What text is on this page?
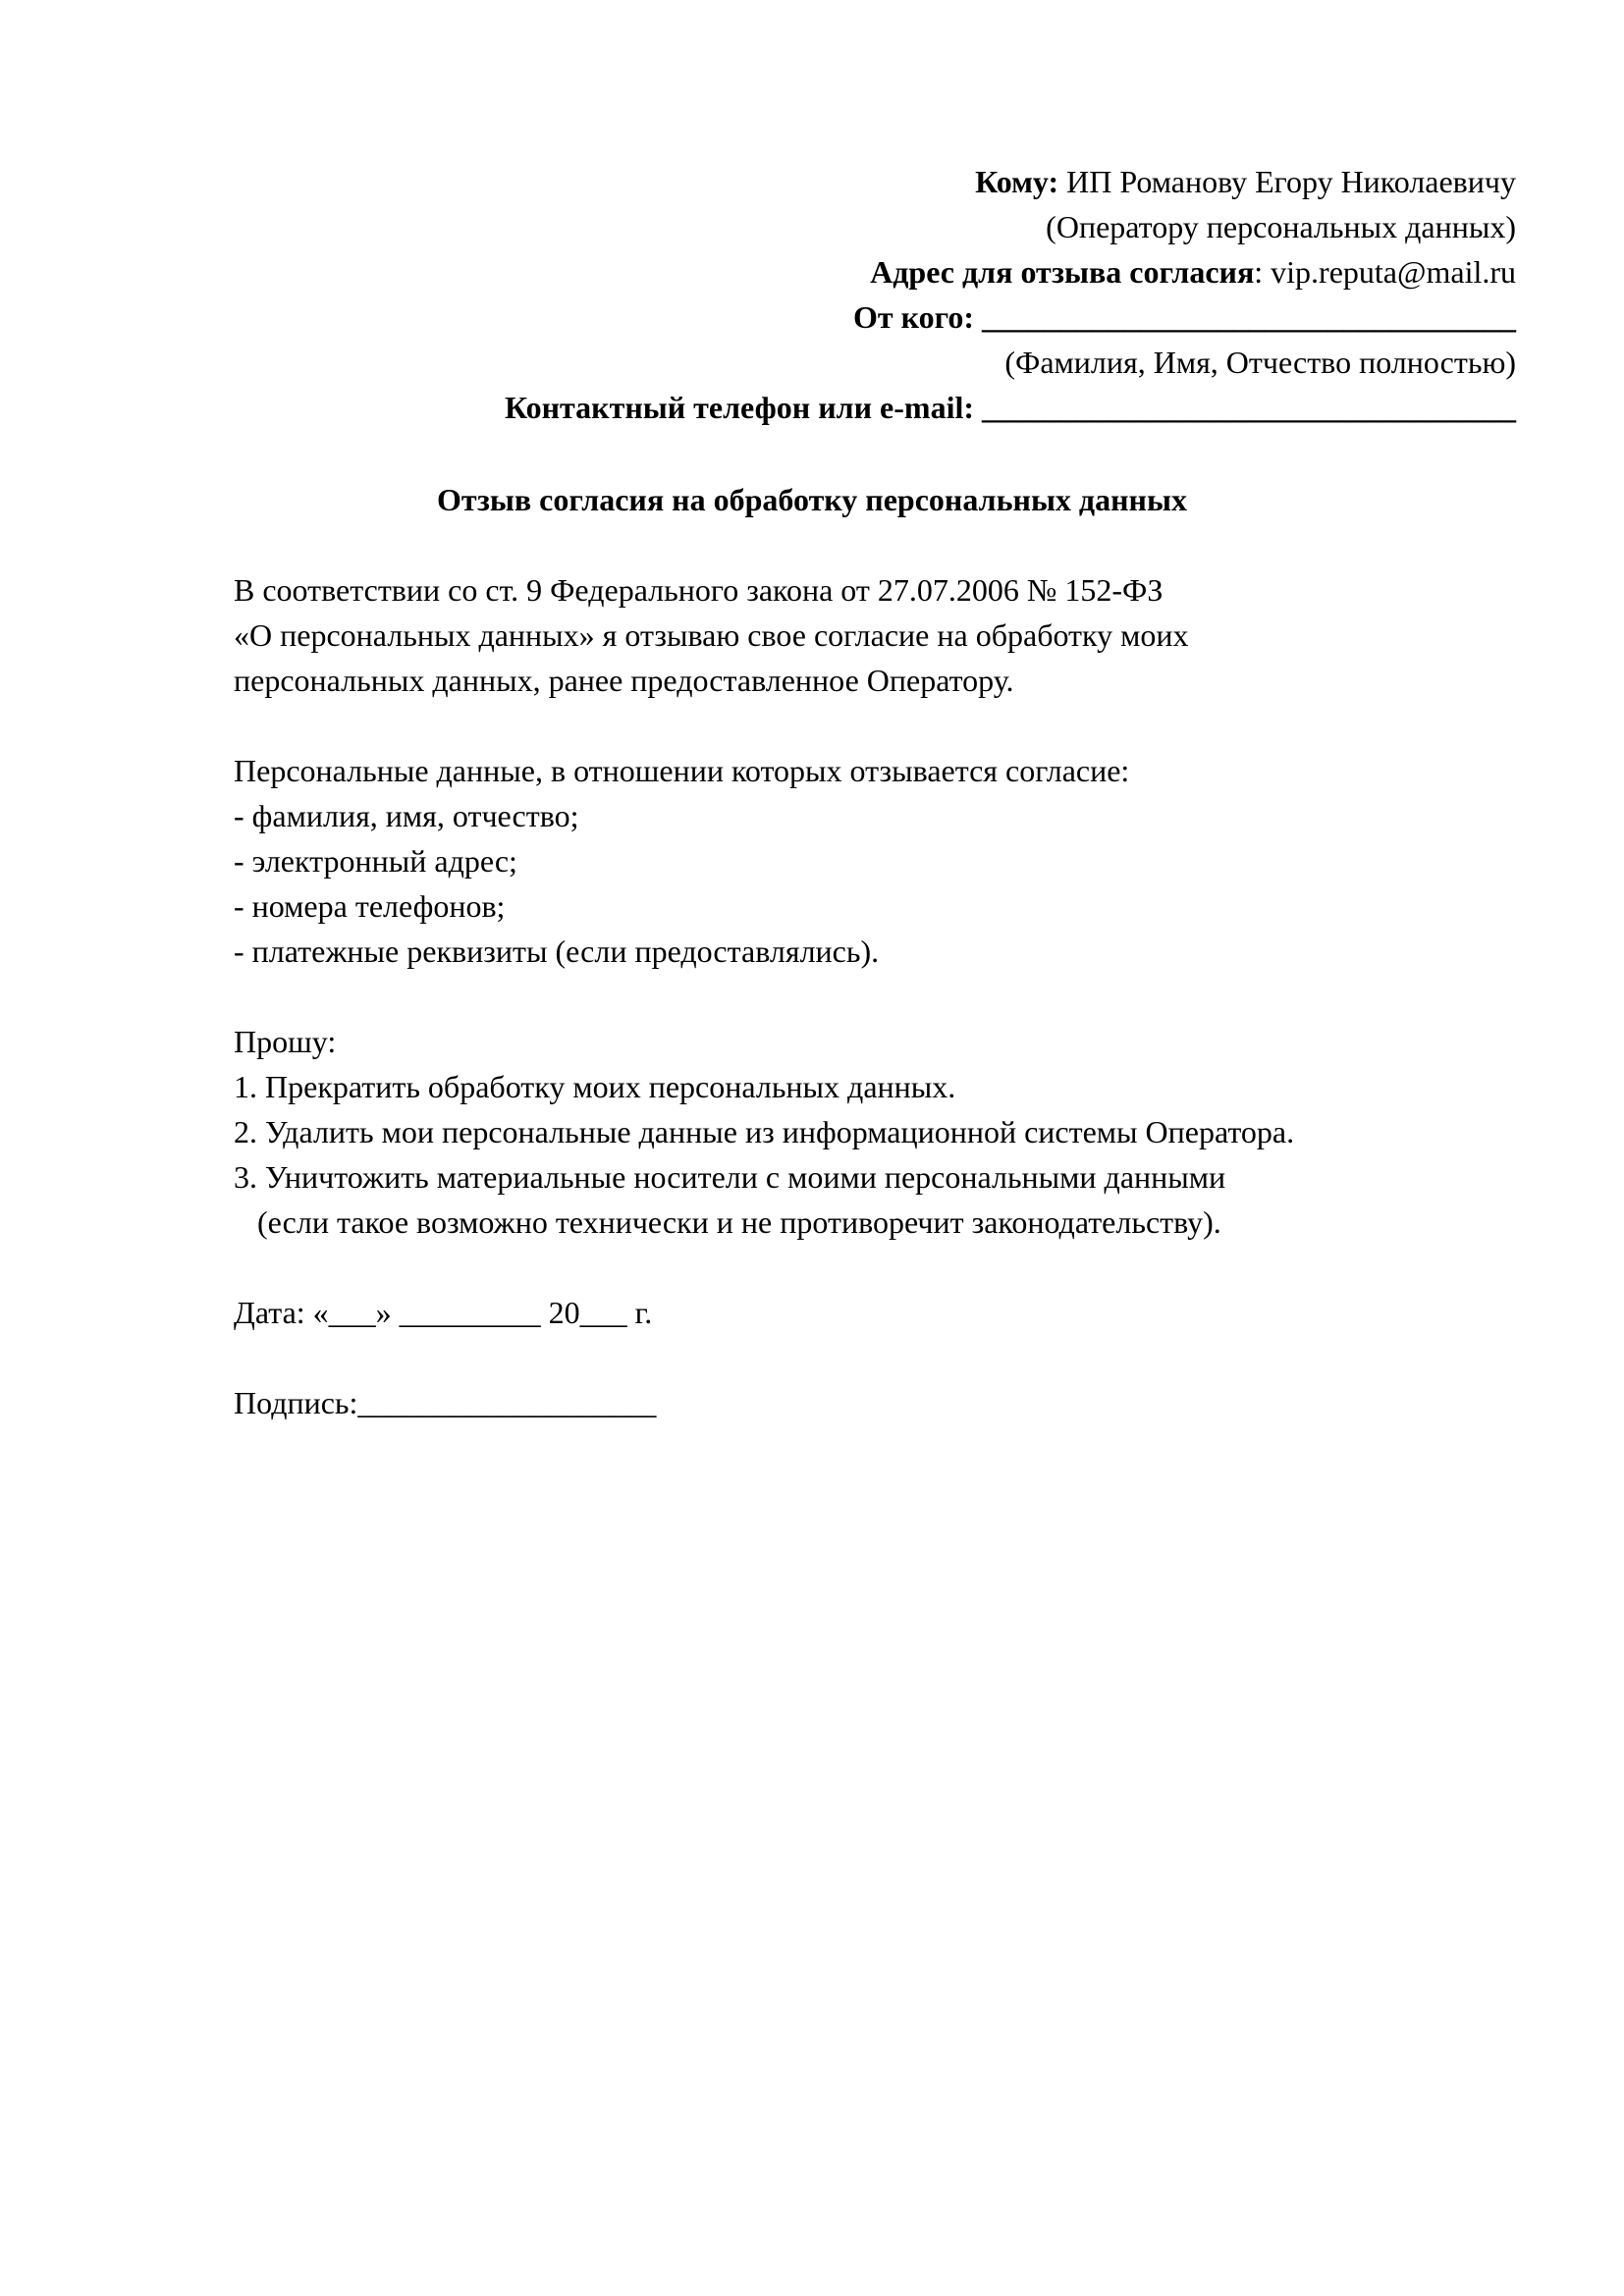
Кому: ИП Романову Егору Николаевичу
(Оператору персональных данных)
Адрес для отзыва согласия: vip.reputa@mail.ru
От кого: __________________________________
(Фамилия, Имя, Отчество полностью)
Контактный телефон или e-mail: __________________________________
Отзыв согласия на обработку персональных данных
В соответствии со ст. 9 Федерального закона от 27.07.2006 № 152-ФЗ
«О персональных данных» я отзываю свое согласие на обработку моих
персональных данных, ранее предоставленное Оператору.
Персональные данные, в отношении которых отзывается согласие:
- фамилия, имя, отчество;
- электронный адрес;
- номера телефонов;
- платежные реквизиты (если предоставлялись).
Прошу:
1. Прекратить обработку моих персональных данных.
2. Удалить мои персональные данные из информационной системы Оператора.
3. Уничтожить материальные носители с моими персональными данными
(если такое возможно технически и не противоречит законодательству).
Дата: «___» _________ 20___ г.
Подпись:___________________
